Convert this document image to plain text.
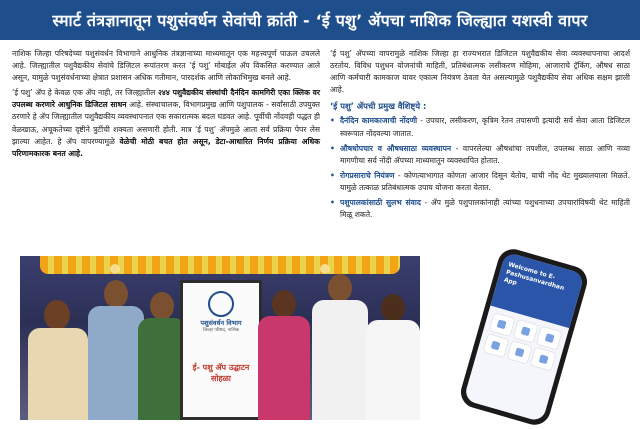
स्मार्ट तंत्रज्ञानातून पशुसंवर्धन सेवांची क्रांती - ‘ई पशु’ ॲपचा नाशिक जिल्ह्यात यशस्वी वापर

नाशिक जिल्हा परिषदेच्या पशुसंवर्धन विभागाने आधुनिक तंत्रज्ञानाच्या माध्यमातून एक महत्त्वपूर्ण पाऊल उचलले आहे. जिल्ह्यातील पशुवैद्यकीय सेवांचे डिजिटल रूपांतरण करत ‘ई पशु’ मोबाईल ॲप विकसित करण्यात आले असून, यामुळे पशुसंवर्धनाच्या क्षेत्रात प्रशासन अधिक गतीमान, पारदर्शक आणि लोकाभिमुख बनले आहे.

‘ई पशु’ ॲप हे केवळ एक ॲप नाही, तर जिल्ह्यातील २४४ पशुवैद्यकीय संस्थांची दैनंदिन कामगिरी एका क्लिक वर उपलब्ध करणारे आधुनिक डिजिटल साधन आहे. संस्थाचालक, विभागप्रमुख आणि पशुपालक - सर्वांसाठी उपयुक्त ठरणारे हे ॲप जिल्ह्यातील पशुवैद्यकीय व्यवस्थापनात एक सकारात्मक बदल घडवत आहे. पूर्वीची नोंदवही पद्धत ही वेळखाऊ, अचूकतेच्या दृष्टीने त्रुटींची शक्यता असणारी होती. मात्र ‘ई पशु’ ॲपमुळे आता सर्व प्रक्रिया पेपर लेस झाल्या आहेत. हे ॲप वापरण्यामुळे वेळेची मोठी बचत होत असून, डेटा-आधारित निर्णय प्रक्रिया अधिक परिणामकारक बनत आहे.

‘ई पशु’ ॲपच्या वापरामुळे नाशिक जिल्हा हा राज्यभरात डिजिटल पशुवैद्यकीय सेवा व्यवस्थापनाचा आदर्श ठरतोय. विविध पशुधन योजनांची माहिती, प्रतिबंधात्मक लसीकरण मोहिमा, आजाराचे ट्रॅकिंग, औषध साठा आणि कर्मचारी कामकाज यावर एकात्म नियंत्रण ठेवता येत असल्यामुळे पशुवैद्यकीय सेवा अधिक सक्षम झाली आहे.

‘ई पशु’ ॲपची प्रमुख वैशिष्ट्ये :
• दैनंदिन कामकाजाची नोंदणी - उपचार, लसीकरण, कृत्रिम रेतन तपासणी इत्यादी सर्व सेवा आता डिजिटल स्वरूपात नोंदवल्या जातात.
• औषधोपचार व औषधसाठा व्यवस्थापन - वापरलेल्या औषधांचा तपशील, उपलब्ध साठा आणि नव्या मागणीचा सर्व नोंदी ॲपच्या माध्यमातून व्यवस्थापित होतात.
• रोगप्रसाराचे नियंत्रण - कोणत्याभागात कोणता आजार दिसून येतोय, याची नोंद थेट मुख्यालयाला मिळते. यामुळे तत्काळ प्रतिबंधात्मक उपाय योजना करता येतात.
• पशुपालकांसाठी सुलभ संवाद - ॲप मुळे पशुपालकांनाही त्यांच्या पशुधनाच्या उपचारांविषयी थेट माहिती मिळू शकते.
पशुसंवर्धन विभाग
जिल्हा परिषद, नाशिक
ई- पशु ॲप उद्घाटन सोहळा
Welcome to E-Pashusanvardhan App
